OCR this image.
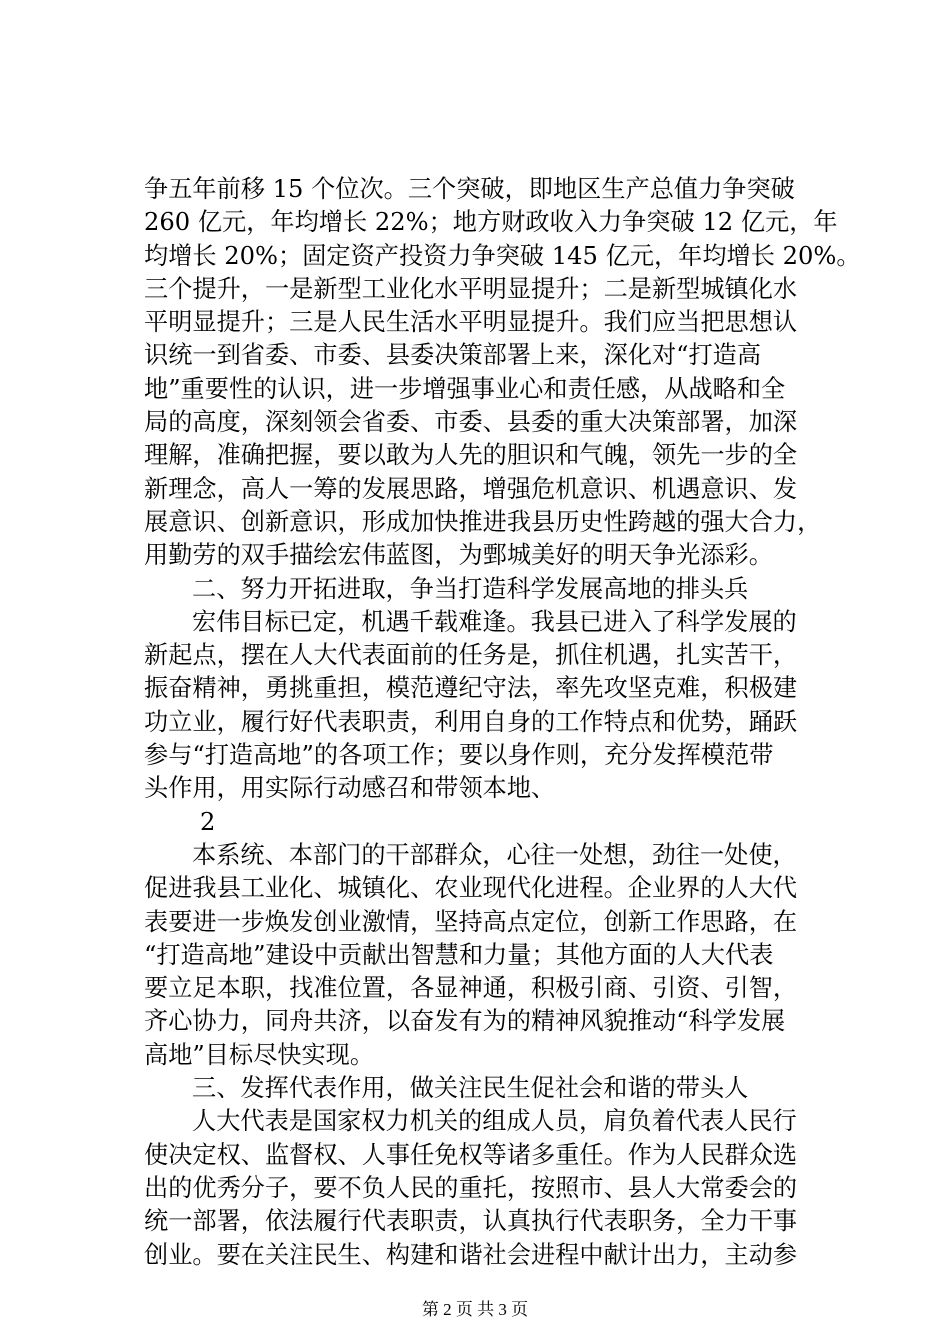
争五年前移 15 个位次。三个突破，即地区生产总值力争突破
260 亿元，年均增长 22%；地方财政收入力争突破 12 亿元，年
均增长 20%；固定资产投资力争突破 145 亿元，年均增长 20%。
三个提升，一是新型工业化水平明显提升；二是新型城镇化水
平明显提升；三是人民生活水平明显提升。我们应当把思想认
识统一到省委、市委、县委决策部署上来，深化对“打造高
地”重要性的认识，进一步增强事业心和责任感，从战略和全
局的高度，深刻领会省委、市委、县委的重大决策部署，加深
理解，准确把握，要以敢为人先的胆识和气魄，领先一步的全
新理念，高人一筹的发展思路，增强危机意识、机遇意识、发
展意识、创新意识，形成加快推进我县历史性跨越的强大合力，
用勤劳的双手描绘宏伟蓝图，为鄄城美好的明天争光添彩。
二、努力开拓进取，争当打造科学发展高地的排头兵
宏伟目标已定，机遇千载难逢。我县已进入了科学发展的
新起点，摆在人大代表面前的任务是，抓住机遇，扎实苦干，
振奋精神，勇挑重担，模范遵纪守法，率先攻坚克难，积极建
功立业，履行好代表职责，利用自身的工作特点和优势，踊跃
参与“打造高地”的各项工作；要以身作则，充分发挥模范带
头作用，用实际行动感召和带领本地、
2
本系统、本部门的干部群众，心往一处想，劲往一处使，
促进我县工业化、城镇化、农业现代化进程。企业界的人大代
表要进一步焕发创业激情，坚持高点定位，创新工作思路，在
“打造高地”建设中贡献出智慧和力量；其他方面的人大代表
要立足本职，找准位置，各显神通，积极引商、引资、引智，
齐心协力，同舟共济，以奋发有为的精神风貌推动“科学发展
高地”目标尽快实现。
三、发挥代表作用，做关注民生促社会和谐的带头人
人大代表是国家权力机关的组成人员，肩负着代表人民行
使决定权、监督权、人事任免权等诸多重任。作为人民群众选
出的优秀分子，要不负人民的重托，按照市、县人大常委会的
统一部署，依法履行代表职责，认真执行代表职务，全力干事
创业。要在关注民生、构建和谐社会进程中献计出力，主动参
第 2 页 共 3 页
